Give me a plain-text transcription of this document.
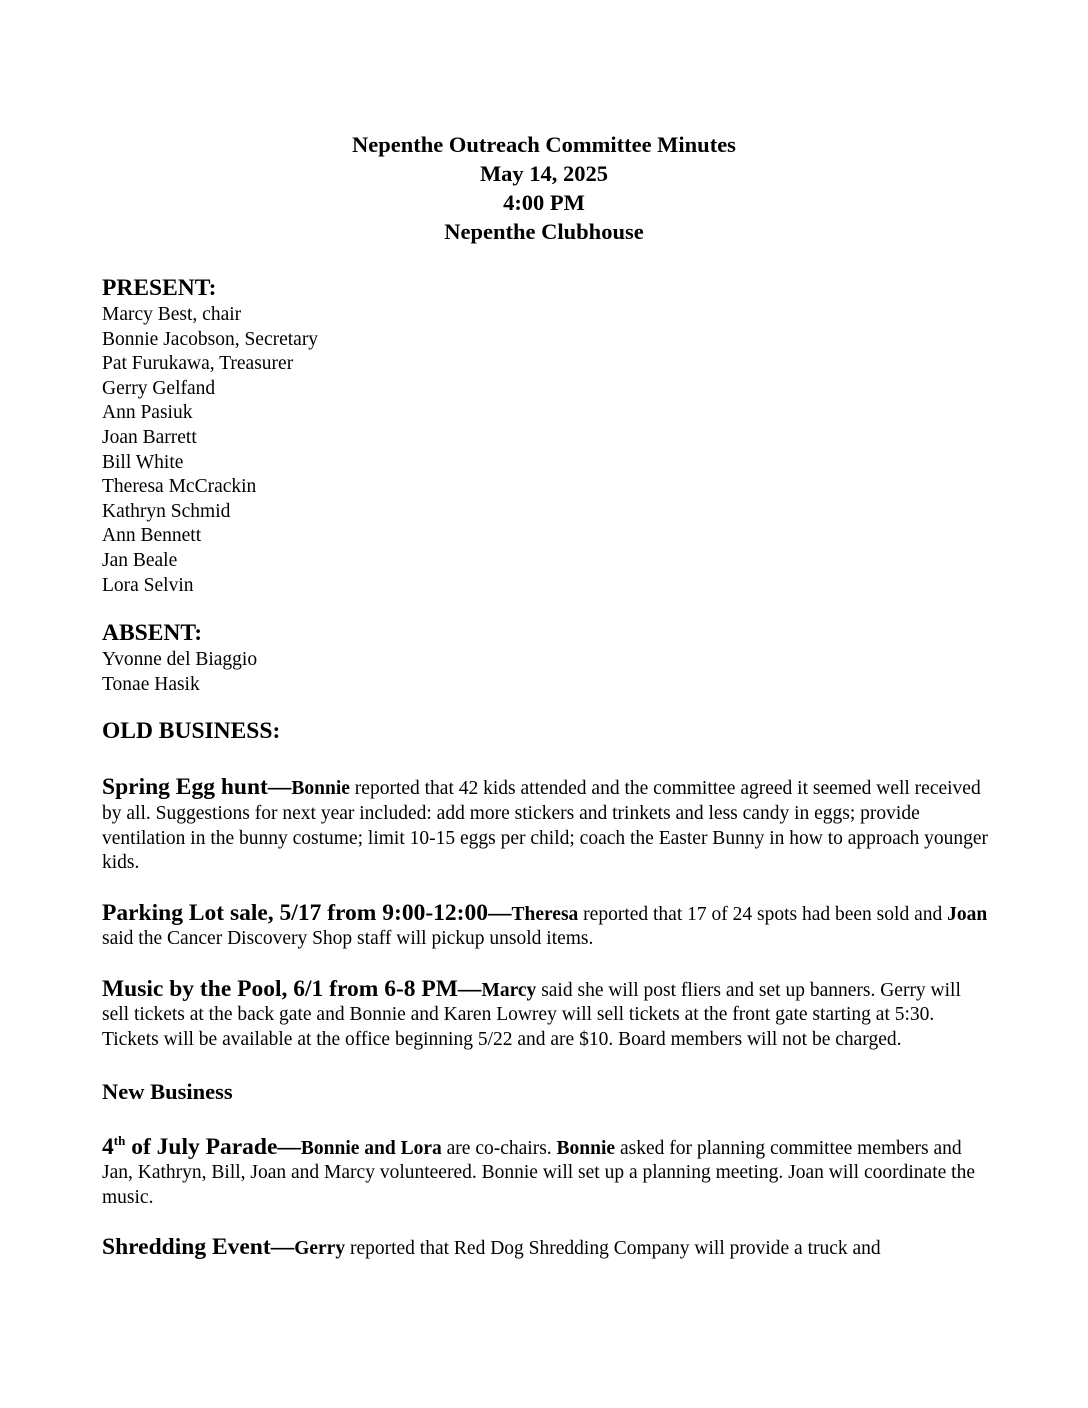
Nepenthe Outreach Committee Minutes
May 14, 2025
4:00 PM
Nepenthe Clubhouse
PRESENT:
Marcy Best, chair
Bonnie Jacobson, Secretary
Pat Furukawa, Treasurer
Gerry Gelfand
Ann Pasiuk
Joan Barrett
Bill White
Theresa McCrackin
Kathryn Schmid
Ann Bennett
Jan Beale
Lora Selvin
ABSENT:
Yvonne del Biaggio
Tonae Hasik
OLD BUSINESS:

Spring Egg hunt—Bonnie reported that 42 kids attended and the committee agreed it seemed well received by all. Suggestions for next year included: add more stickers and trinkets and less candy in eggs; provide ventilation in the bunny costume; limit 10-15 eggs per child; coach the Easter Bunny in how to approach younger kids.

Parking Lot sale, 5/17 from 9:00-12:00—Theresa reported that 17 of 24 spots had been sold and Joan said the Cancer Discovery Shop staff will pickup unsold items.

Music by the Pool, 6/1 from 6-8 PM—Marcy said she will post fliers and set up banners. Gerry will sell tickets at the back gate and Bonnie and Karen Lowrey will sell tickets at the front gate starting at 5:30. Tickets will be available at the office beginning 5/22 and are $10. Board members will not be charged.

New Business

4th of July Parade—Bonnie and Lora are co-chairs. Bonnie asked for planning committee members and Jan, Kathryn, Bill, Joan and Marcy volunteered. Bonnie will set up a planning meeting. Joan will coordinate the music.

Shredding Event—Gerry reported that Red Dog Shredding Company will provide a truck and
